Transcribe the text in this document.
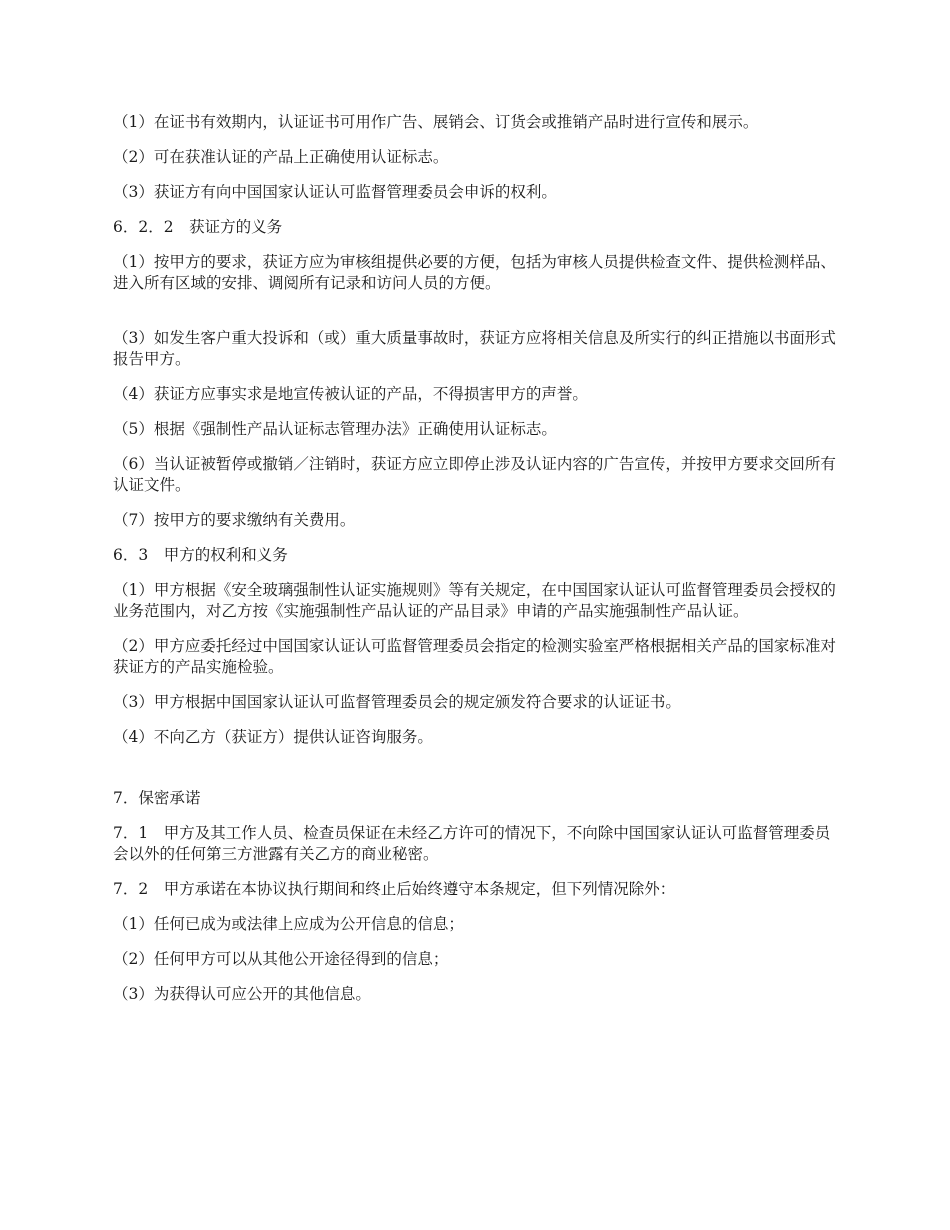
（1）在证书有效期内，认证证书可用作广告、展销会、订货会或推销产品时进行宣传和展示。

（2）可在获准认证的产品上正确使用认证标志。

（3）获证方有向中国国家认证认可监督管理委员会申诉的权利。

6．2．2　获证方的义务

（1）按甲方的要求，获证方应为审核组提供必要的方便，包括为审核人员提供检查文件、提供检测样品、进入所有区域的安排、调阅所有记录和访问人员的方便。

（3）如发生客户重大投诉和（或）重大质量事故时，获证方应将相关信息及所实行的纠正措施以书面形式报告甲方。

（4）获证方应事实求是地宣传被认证的产品，不得损害甲方的声誉。

（5）根据《强制性产品认证标志管理办法》正确使用认证标志。

（6）当认证被暂停或撤销／注销时，获证方应立即停止涉及认证内容的广告宣传，并按甲方要求交回所有认证文件。

（7）按甲方的要求缴纳有关费用。

6．3　甲方的权利和义务

（1）甲方根据《安全玻璃强制性认证实施规则》等有关规定，在中国国家认证认可监督管理委员会授权的业务范围内，对乙方按《实施强制性产品认证的产品目录》申请的产品实施强制性产品认证。

（2）甲方应委托经过中国国家认证认可监督管理委员会指定的检测实验室严格根据相关产品的国家标准对获证方的产品实施检验。

（3）甲方根据中国国家认证认可监督管理委员会的规定颁发符合要求的认证证书。

（4）不向乙方（获证方）提供认证咨询服务。

7．保密承诺

7．1　甲方及其工作人员、检查员保证在未经乙方许可的情况下，不向除中国国家认证认可监督管理委员会以外的任何第三方泄露有关乙方的商业秘密。

7．2　甲方承诺在本协议执行期间和终止后始终遵守本条规定，但下列情况除外：

（1）任何已成为或法律上应成为公开信息的信息；

（2）任何甲方可以从其他公开途径得到的信息；

（3）为获得认可应公开的其他信息。
